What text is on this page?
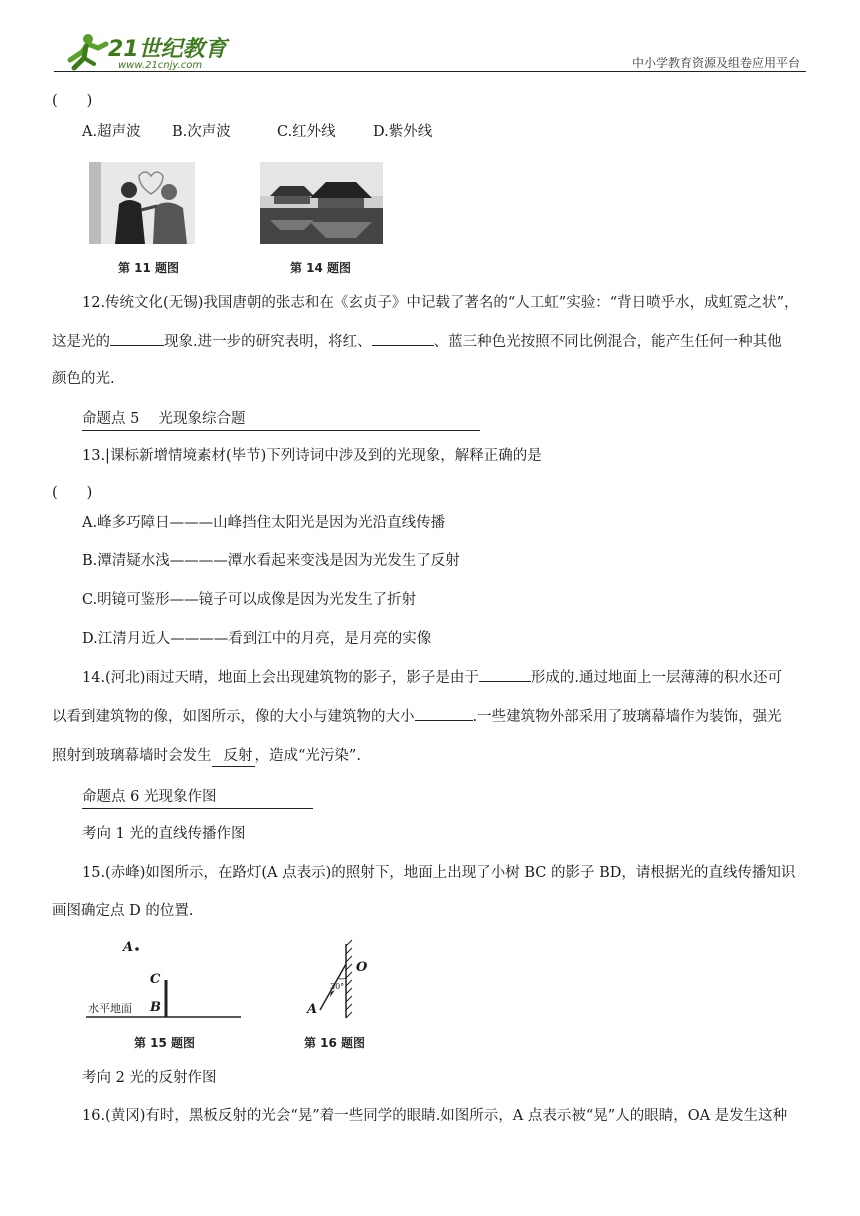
21世纪教育
www.21cnjy.com	中小学教育资源及组卷应用平台
(　　)
A.超声波 B.次声波	C.红外线	D.紫外线
第 11 题图	第 14 题图
12.传统文化(无锡)我国唐朝的张志和在《玄贞子》中记载了著名的“人工虹”实验：“背日喷乎水，成虹霓之状”，
这是光的	现象.进一步的研究表明，将红、	、蓝三种色光按照不同比例混合，能产生任何一种其他
颜色的光.
命题点 5　 光现象综合题
13.|课标新增情境素材(毕节)下列诗词中涉及到的光现象，解释正确的是
(　　)
A.峰多巧障日———山峰挡住太阳光是因为光沿直线传播
B.潭清疑水浅————潭水看起来变浅是因为光发生了反射
C.明镜可鉴形——镜子可以成像是因为光发生了折射
D.江清月近人————看到江中的月亮，是月亮的实像
14.(河北)雨过天晴，地面上会出现建筑物的影子，影子是由于	形成的.通过地面上一层薄薄的积水还可
以看到建筑物的像，如图所示，像的大小与建筑物的大小	.一些建筑物外部采用了玻璃幕墙作为装饰，强光
照射到玻璃幕墙时会发生 反射 ，造成“光污染”.
命题点 6 光现象作图
考向 1 光的直线传播作图
15.(赤峰)如图所示，在路灯(A 点表示)的照射下，地面上出现了小树 BC 的影子 BD，请根据光的直线传播知识
画图确定点 D 的位置.
A
C
B
水平地面
第 15 题图
O
A
30°
第 16 题图
考向 2 光的反射作图
16.(黄冈)有时，黑板反射的光会“晃”着一些同学的眼睛.如图所示，A 点表示被“晃”人的眼睛，OA 是发生这种
